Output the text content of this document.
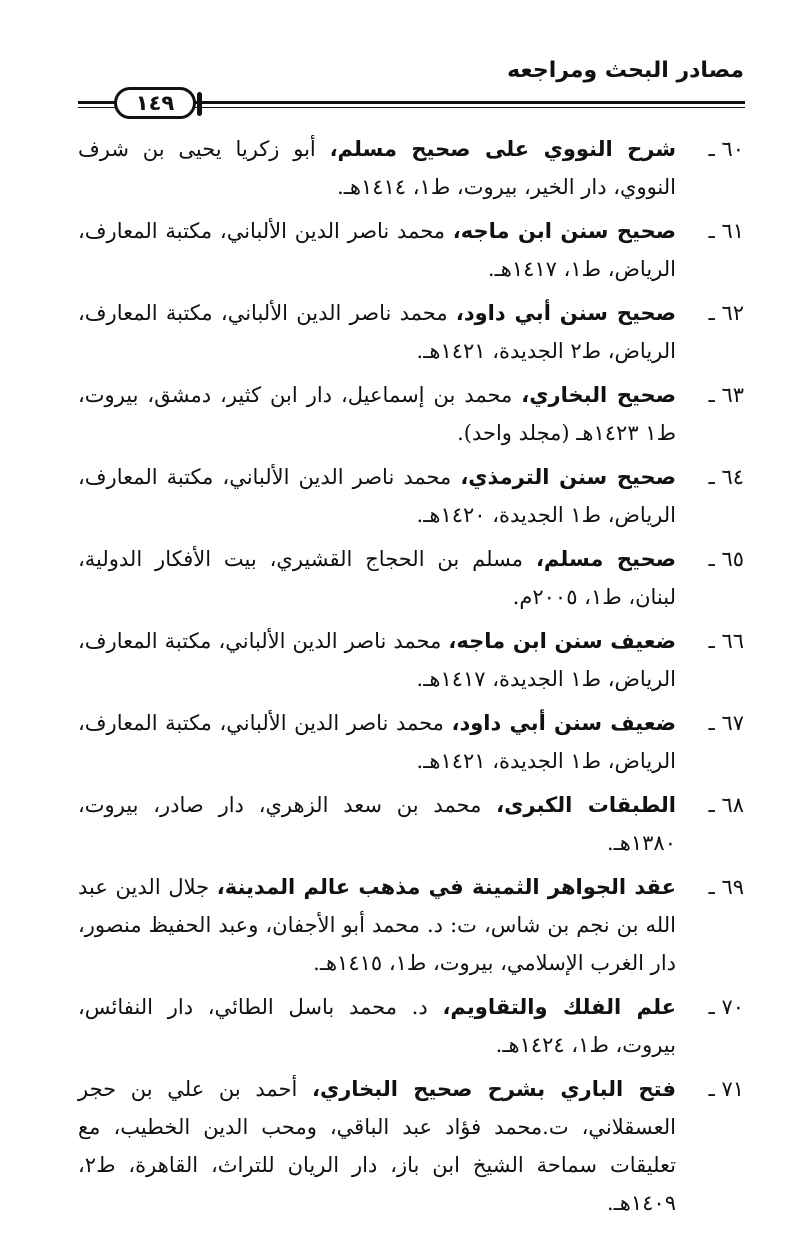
مصادر البحث ومراجعه
١٤٩
٦٠ ـ
شرح النووي على صحيح مسلم، أبو زكريا يحيى بن شرف النووي، دار الخير، بيروت، ط١، ١٤١٤هـ.
٦١ ـ
صحيح سنن ابن ماجه، محمد ناصر الدين الألباني، مكتبة المعارف، الرياض، ط١، ١٤١٧هـ.
٦٢ ـ
صحيح سنن أبي داود، محمد ناصر الدين الألباني، مكتبة المعارف، الرياض، ط٢ الجديدة، ١٤٢١هـ.
٦٣ ـ
صحيح البخاري، محمد بن إسماعيل، دار ابن كثير، دمشق، بيروت، ط١ ١٤٢٣هـ (مجلد واحد).
٦٤ ـ
صحيح سنن الترمذي، محمد ناصر الدين الألباني، مكتبة المعارف، الرياض، ط١ الجديدة، ١٤٢٠هـ.
٦٥ ـ
صحيح مسلم، مسلم بن الحجاج القشيري، بيت الأفكار الدولية، لبنان، ط١، ٢٠٠٥م.
٦٦ ـ
ضعيف سنن ابن ماجه، محمد ناصر الدين الألباني، مكتبة المعارف، الرياض، ط١ الجديدة، ١٤١٧هـ.
٦٧ ـ
ضعيف سنن أبي داود، محمد ناصر الدين الألباني، مكتبة المعارف، الرياض، ط١ الجديدة، ١٤٢١هـ.
٦٨ ـ
الطبقات الكبرى، محمد بن سعد الزهري، دار صادر، بيروت، ١٣٨٠هـ.
٦٩ ـ
عقد الجواهر الثمينة في مذهب عالم المدينة، جلال الدين عبد الله بن نجم بن شاس، ت: د. محمد أبو الأجفان، وعبد الحفيظ منصور، دار الغرب الإسلامي، بيروت، ط١، ١٤١٥هـ.
٧٠ ـ
علم الفلك والتقاويم، د. محمد باسل الطائي، دار النفائس، بيروت، ط١، ١٤٢٤هـ.
٧١ ـ
فتح الباري بشرح صحيح البخاري، أحمد بن علي بن حجر العسقلاني، ت.محمد فؤاد عبد الباقي، ومحب الدين الخطيب، مع تعليقات سماحة الشيخ ابن باز، دار الريان للتراث، القاهرة، ط٢، ١٤٠٩هـ.
